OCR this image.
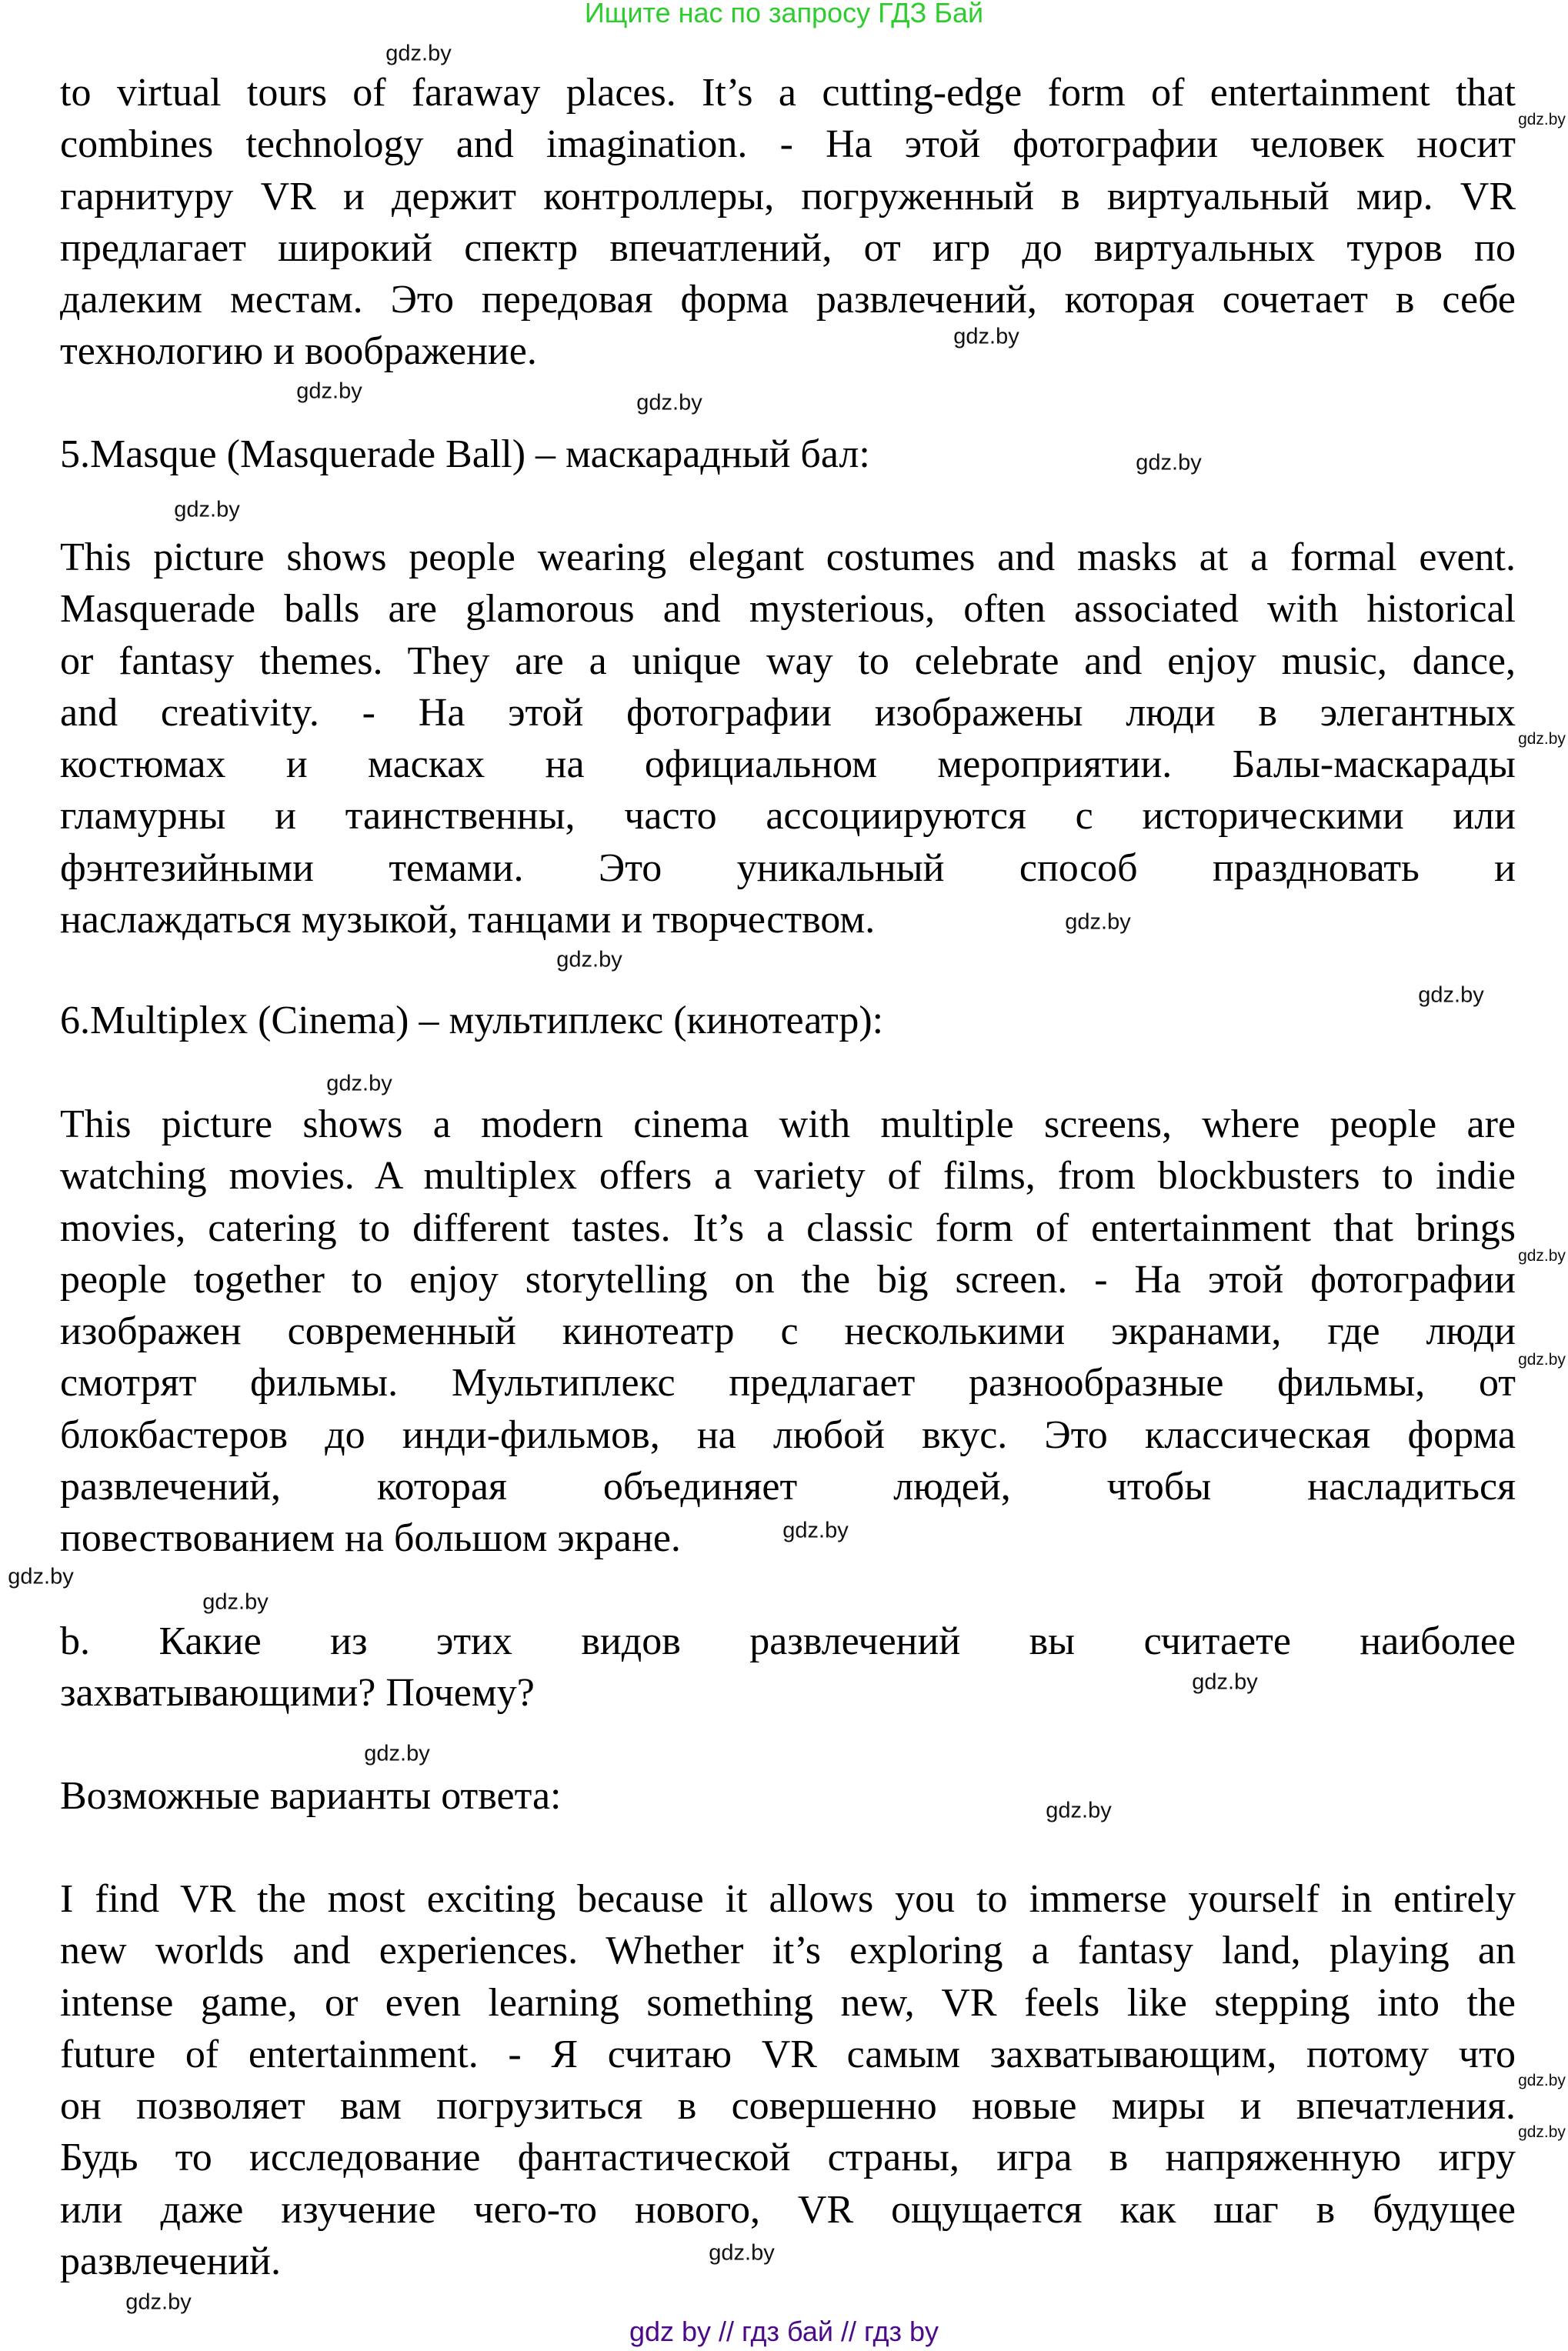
Ищите нас по запросу ГДЗ Бай
to virtual tours of faraway places. It’s a cutting-edge form of entertainment that
combines technology and imagination. - На этой фотографии человек носит
гарнитуру VR и держит контроллеры, погруженный в виртуальный мир. VR
предлагает широкий спектр впечатлений, от игр до виртуальных туров по
далеким местам. Это передовая форма развлечений, которая сочетает в себе
технологию и воображение.
5.Masque (Masquerade Ball) – маскарадный бал:
This picture shows people wearing elegant costumes and masks at a formal event.
Masquerade balls are glamorous and mysterious, often associated with historical
or fantasy themes. They are a unique way to celebrate and enjoy music, dance,
and creativity. - На этой фотографии изображены люди в элегантных
костюмах и масках на официальном мероприятии. Балы-маскарады
гламурны и таинственны, часто ассоциируются с историческими или
фэнтезийными темами. Это уникальный способ праздновать и
наслаждаться музыкой, танцами и творчеством.
6.Multiplex (Cinema) – мультиплекс (кинотеатр):
This picture shows a modern cinema with multiple screens, where people are
watching movies. A multiplex offers a variety of films, from blockbusters to indie
movies, catering to different tastes. It’s a classic form of entertainment that brings
people together to enjoy storytelling on the big screen. - На этой фотографии
изображен современный кинотеатр с несколькими экранами, где люди
смотрят фильмы. Мультиплекс предлагает разнообразные фильмы, от
блокбастеров до инди-фильмов, на любой вкус. Это классическая форма
развлечений, которая объединяет людей, чтобы насладиться
повествованием на большом экране.
b. Какие из этих видов развлечений вы считаете наиболее
захватывающими? Почему?
Возможные варианты ответа:
I find VR the most exciting because it allows you to immerse yourself in entirely
new worlds and experiences. Whether it’s exploring a fantasy land, playing an
intense game, or even learning something new, VR feels like stepping into the
future of entertainment. - Я считаю VR самым захватывающим, потому что
он позволяет вам погрузиться в совершенно новые миры и впечатления.
Будь то исследование фантастической страны, игра в напряженную игру
или даже изучение чего-то нового, VR ощущается как шаг в будущее
развлечений.
gdz.by
gdz.by
gdz.by
gdz.by	gdz.by
gdz.by
gdz.by
gdz.by
gdz.by
gdz.by
gdz.by
gdz.by
gdz.by
gdz.by
gdz.by
gdz.by
gdz.by
gdz.by
gdz.by
gdz.by
gdz.by
gdz.by
gdz.by
gdz.by
gdz by // гдз бай // гдз by
